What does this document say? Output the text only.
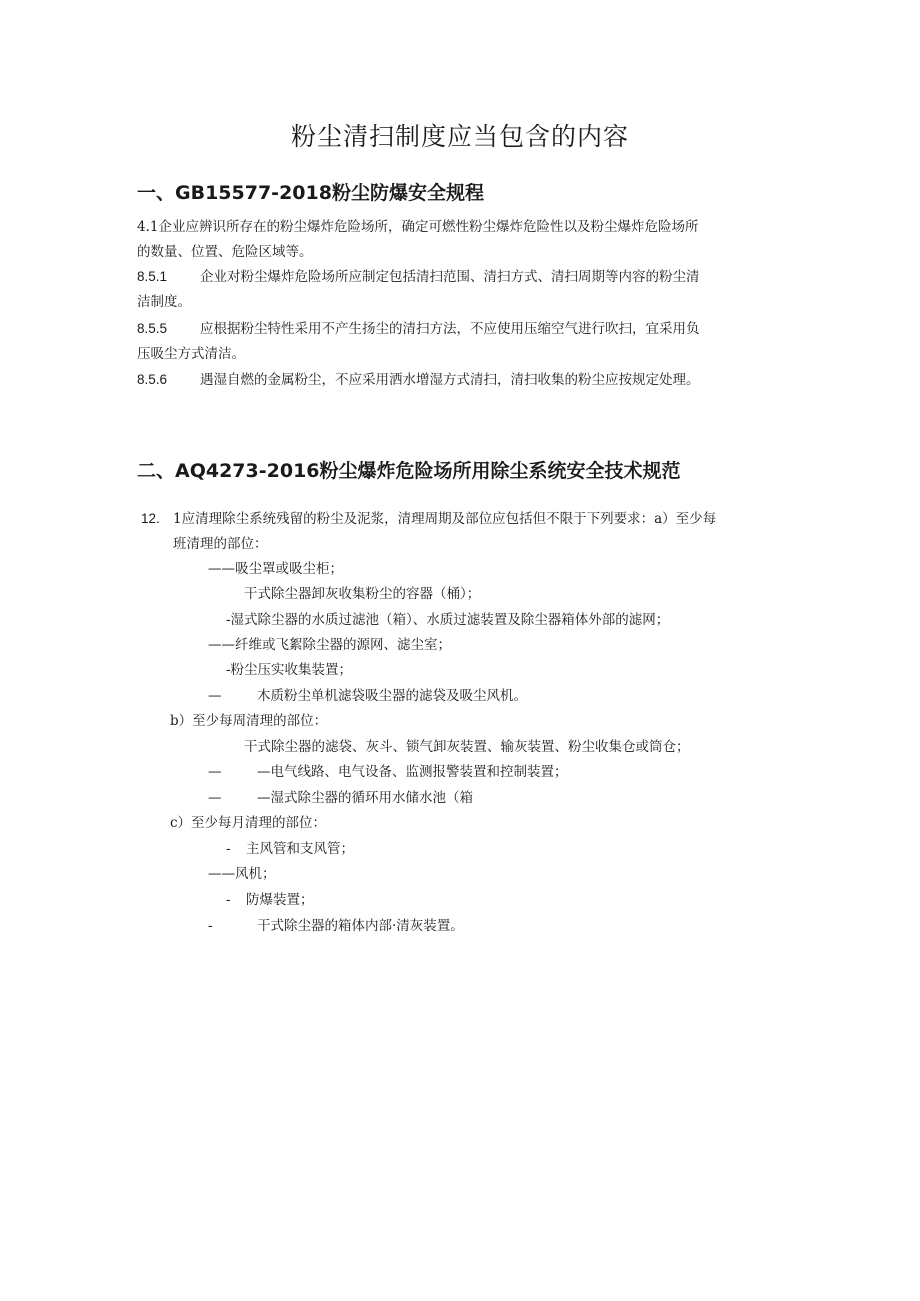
粉尘清扫制度应当包含的内容
一、GB15577-2018粉尘防爆安全规程
4.1企业应辨识所存在的粉尘爆炸危险场所，确定可燃性粉尘爆炸危险性以及粉尘爆炸危险场所
的数量、位置、危险区域等。
8.5.1 企业对粉尘爆炸危险场所应制定包括清扫范围、清扫方式、清扫周期等内容的粉尘清
洁制度。
8.5.5 应根据粉尘特性采用不产生扬尘的清扫方法，不应使用压缩空气进行吹扫，宜采用负
压吸尘方式清洁。
8.5.6 遇湿自燃的金属粉尘，不应采用洒水增湿方式清扫，清扫收集的粉尘应按规定处理。
二、AQ4273-2016粉尘爆炸危险场所用除尘系统安全技术规范
12. 1应清理除尘系统残留的粉尘及泥浆，清理周期及部位应包括但不限于下列要求：a）至少每
班清理的部位：
——吸尘罩或吸尘柜；
干式除尘器卸灰收集粉尘的容器（桶）；
-湿式除尘器的水质过滤池（箱）、水质过滤装置及除尘器箱体外部的滤网；
——纤维或飞絮除尘器的源网、滤尘室；
-粉尘压实收集装置；
—	木质粉尘单机滤袋吸尘器的滤袋及吸尘风机。
b）至少每周清理的部位：
干式除尘器的滤袋、灰斗、锁气卸灰装置、输灰装置、粉尘收集仓或筒仓；
—	—电气线路、电气设备、监测报警装置和控制装置；
—	—湿式除尘器的循环用水储水池（箱
c）至少每月清理的部位：
- 主风管和支风管；
——风机；
- 防爆装置；
-	干式除尘器的箱体内部·清灰装置。
